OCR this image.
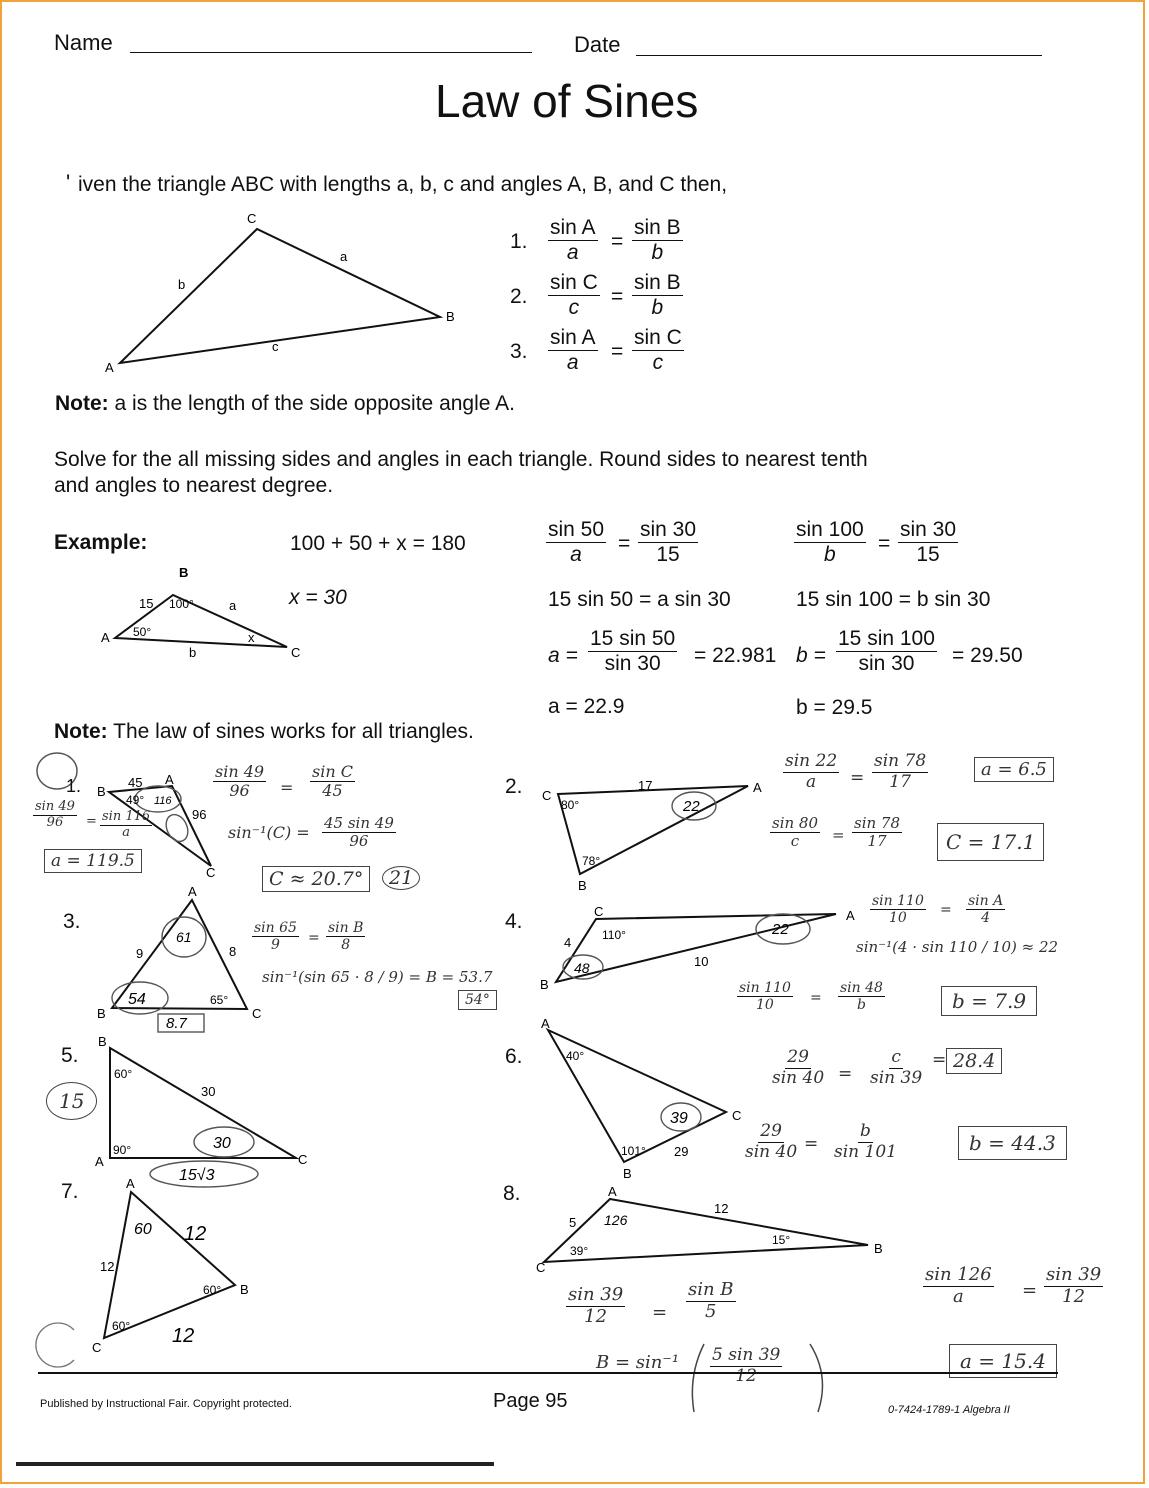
Name	Date
Law of Sines
' iven the triangle ABC with lengths a, b, c and angles A, B, and C then,
C
B
A
a
b
c
1. $\frac{\text{sin A}}{a} = \frac{\text{sin B}}{b}$
2. $\frac{\text{sin C}}{c} = \frac{\text{sin B}}{b}$
3. $\frac{\text{sin A}}{a} = \frac{\text{sin C}}{c}$
Note: a is the length of the side opposite angle A.
Solve for the all missing sides and angles in each triangle. Round sides to nearest tenth
and angles to nearest degree.
Example:	100 + 50 + x = 180
x = 30
B
A
C
15	a
b
x
100°
50°
$\frac{\sin 50}{a} = \frac{\sin 30}{15}$	$\frac{\sin 100}{b} = \frac{\sin 30}{15}$
15 sin 50 = a sin 30	15 sin 100 = b sin 30
$a = \frac{15 \sin 50}{\sin 30} = 22.981$ $b = \frac{15 \sin 100}{\sin 30} = 29.50$
a = 22.9	b = 29.5
Note: The law of sines works for all triangles.
1. B
A
C
45
96
49° 116
$\frac{\sin 49}{96} = \frac{\text{sin C}}{45}$
$\frac{\sin 49}{96} = \frac{\sin 116}{a}$	$\sin^{-1}(C) = \frac{45 \sin 49}{96}$
a = 119.5
C ≈ 20.7°	21
2. C
A
B
17
80°
78°
22
$\frac{\sin 22}{a} = \frac{\sin 78}{17}$	a = 6.5
$\frac{\sin 80}{c} = \frac{\sin 78}{17}$	C = 17.1
3.
A
B	C
9	8
65°
61
54
8.7
$\frac{\sin 65}{9} = \frac{\text{sin B}}{8}$
sin⁻¹(sin 65 · 8 / 9) = B = 53.7
54°
4.	C	A
B
4
10
110°
48
22
$\frac{\sin 110}{10} = \frac{\text{sin A}}{4}$
sin⁻¹(4 · sin 110 / 10) ≈ 22
$\frac{\sin 110}{10} = \frac{\sin 48}{b}$	b = 7.9
5.
15
B
A	C
30
60°
90°	30
15√3
6.
A
C
B
29
40°
101°
39
$\frac{29}{\sin 40} = \frac{c}{\sin 39} = 28.4$
$\frac{29}{\sin 40} = \frac{b}{\sin 101}$	b = 44.3
7.	A
B
C
12
60°
60°
60 12
12
8.	A
B
C
5
12
39°
15°
126
$\frac{\sin 126}{a} = \frac{\sin 39}{12}$
$\frac{\sin 39}{12} = \frac{\text{sin B}}{5}$
$B = \sin^{-1} \frac{5 \sin 39}{12}$	a = 15.4
Published by Instructional Fair. Copyright protected.	Page 95	0-7424-1789-1 Algebra II
